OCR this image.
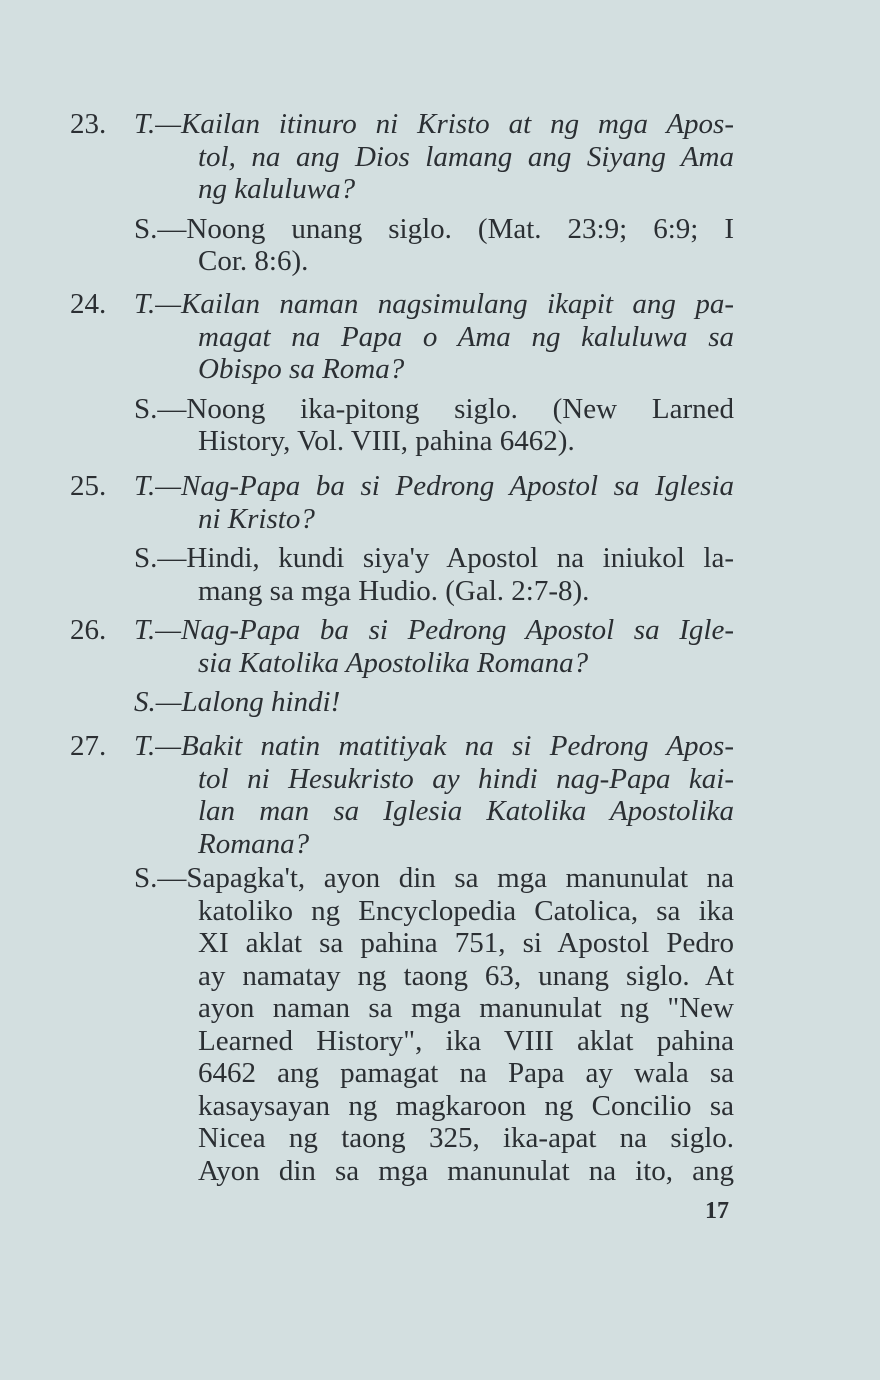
23. T.—Kailan itinuro ni Kristo at ng mga Apos-
tol, na ang Dios lamang ang Siyang Ama
ng kaluluwa?
S.—Noong unang siglo. (Mat. 23:9; 6:9; I
Cor. 8:6).
24. T.—Kailan naman nagsimulang ikapit ang pa-
magat na Papa o Ama ng kaluluwa sa
Obispo sa Roma?
S.—Noong ika-pitong siglo. (New Larned
History, Vol. VIII, pahina 6462).
25. T.—Nag-Papa ba si Pedrong Apostol sa Iglesia
ni Kristo?
S.—Hindi, kundi siya'y Apostol na iniukol la-
mang sa mga Hudio. (Gal. 2:7-8).
26. T.—Nag-Papa ba si Pedrong Apostol sa Igle-
sia Katolika Apostolika Romana?
S.—Lalong hindi!
27. T.—Bakit natin matitiyak na si Pedrong Apos-
tol ni Hesukristo ay hindi nag-Papa kai-
lan man sa Iglesia Katolika Apostolika
Romana?
S.—Sapagka't, ayon din sa mga manunulat na
katoliko ng Encyclopedia Catolica, sa ika
XI aklat sa pahina 751, si Apostol Pedro
ay namatay ng taong 63, unang siglo. At
ayon naman sa mga manunulat ng "New
Learned History", ika VIII aklat pahina
6462 ang pamagat na Papa ay wala sa
kasaysayan ng magkaroon ng Concilio sa
Nicea ng taong 325, ika-apat na siglo.
Ayon din sa mga manunulat na ito, ang
17
